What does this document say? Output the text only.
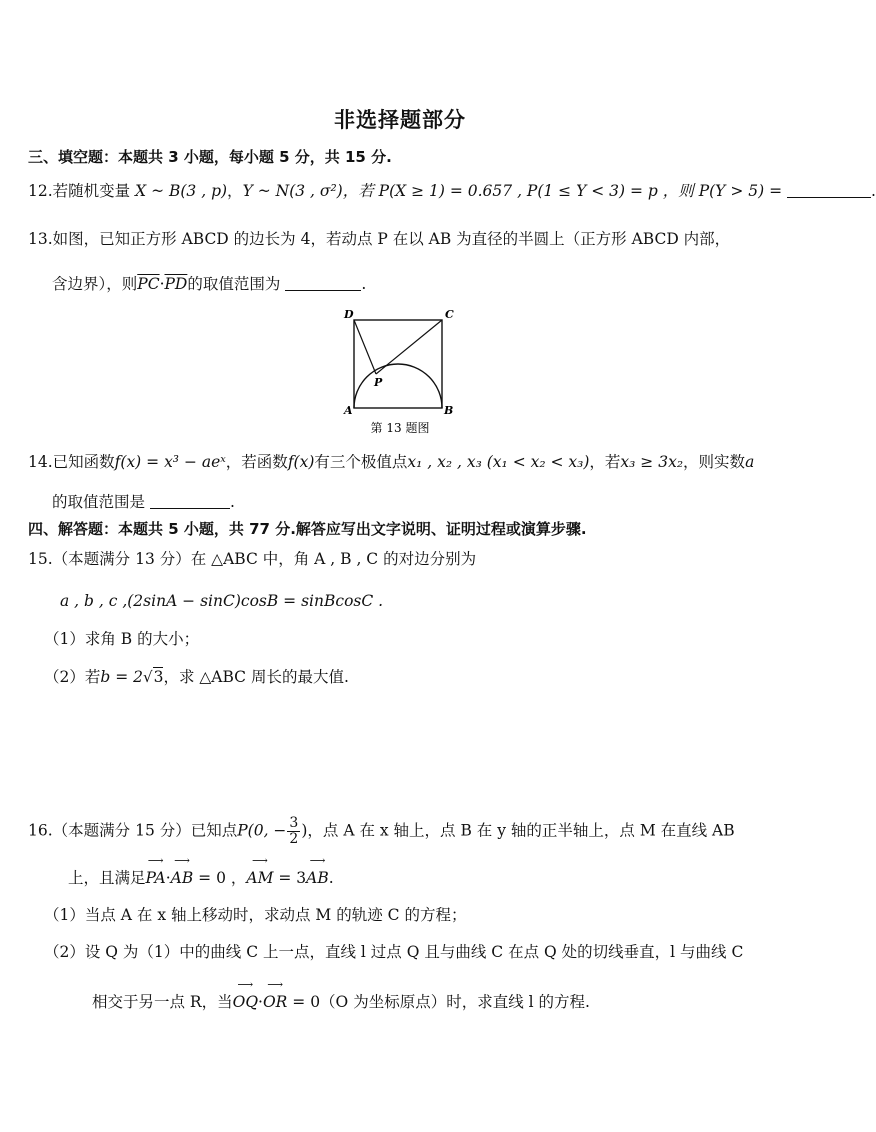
非选择题部分
三、填空题：本题共 3 小题，每小题 5 分，共 15 分.
12.若随机变量 X ~ B(3 , p)，Y ~ N(3 , σ²)，若 P(X ≥ 1) = 0.657 , P(1 ≤ Y < 3) = p ，则 P(Y > 5) =	.
13.如图，已知正方形 ABCD 的边长为 4，若动点 P 在以 AB 为直径的半圆上（正方形 ABCD 内部，
含边界），则$\overline{PC}\cdot\overline{PD}$的取值范围为	.
D	C
A	B
P
第 13 题图
14.已知函数f(x) = x³ − aeˣ，若函数f(x)有三个极值点x₁ , x₂ , x₃ (x₁ < x₂ < x₃)，若x₃ ≥ 3x₂，则实数a
的取值范围是	.
四、解答题：本题共 5 小题，共 77 分.解答应写出文字说明、证明过程或演算步骤.
15.（本题满分 13 分）在 △ABC 中，角 A , B , C 的对边分别为
a , b , c ,(2sinA − sinC)cosB = sinBcosC .
（1）求角 B 的大小；
（2）若b = 2√3，求 △ABC 周长的最大值.
16.（本题满分 15 分）已知点P(0, − $\frac{3}{2}$ )，点 A 在 x 轴上，点 B 在 y 轴的正半轴上，点 M 在直线 AB
上，且满足⟶ PA·⟶ AB = 0 ，⟶ AM = 3⟶ AB.
（1）当点 A 在 x 轴上移动时，求动点 M 的轨迹 C 的方程；
（2）设 Q 为（1）中的曲线 C 上一点，直线 l 过点 Q 且与曲线 C 在点 Q 处的切线垂直，l 与曲线 C
相交于另一点 R，当⟶ OQ·⟶ OR = 0（O 为坐标原点）时，求直线 l 的方程.
